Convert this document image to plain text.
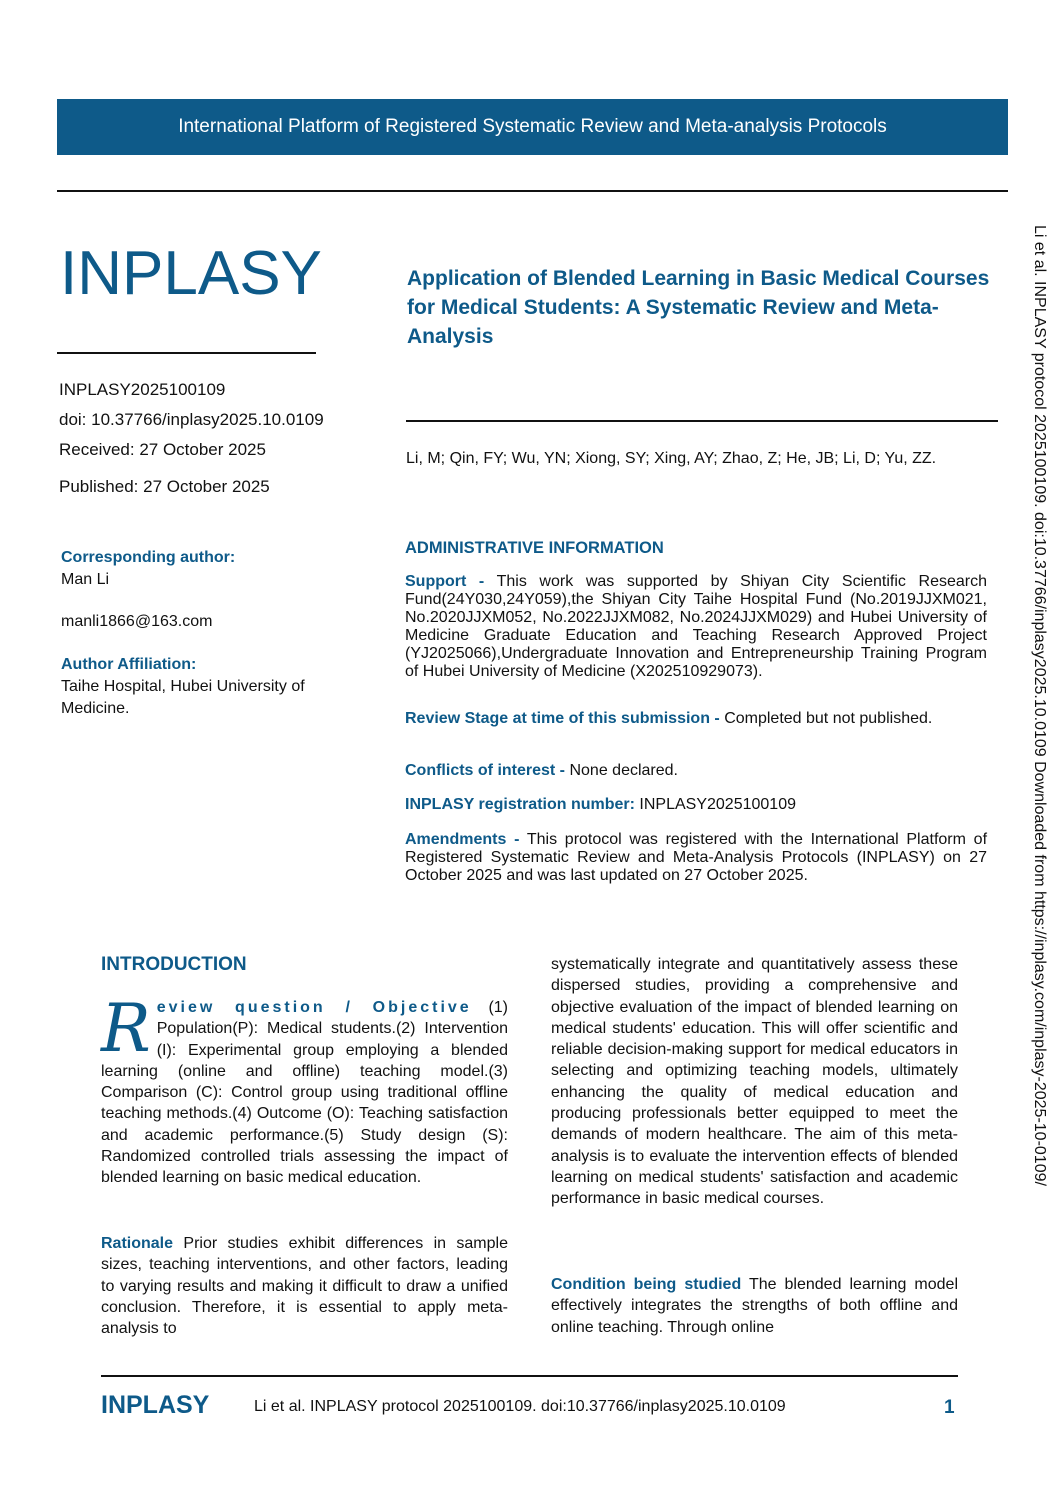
International Platform of Registered Systematic Review and Meta-analysis Protocols
INPLASY	Application of Blended Learning in Basic Medical Courses for Medical Students: A Systematic Review and Meta-Analysis
INPLASY2025100109
doi: 10.37766/inplasy2025.10.0109
Received: 27 October 2025
Published: 27 October 2025
Li, M; Qin, FY; Wu, YN; Xiong, SY; Xing, AY; Zhao, Z; He, JB; Li, D; Yu, ZZ.
Corresponding author:
Man Li
manli1866@163.com
Author Affiliation:
Taihe Hospital, Hubei University of Medicine.
ADMINISTRATIVE INFORMATION
Support - This work was supported by Shiyan City Scientific Research Fund(24Y030,24Y059),the Shiyan City Taihe Hospital Fund (No.2019JJXM021, No.2020JJXM052, No.2022JJXM082, No.2024JJXM029) and Hubei University of Medicine Graduate Education and Teaching Research Approved Project (YJ2025066),Undergraduate Innovation and Entrepreneurship Training Program of Hubei University of Medicine (X202510929073).
Review Stage at time of this submission - Completed but not published.
Conflicts of interest - None declared.
INPLASY registration number: INPLASY2025100109
Amendments - This protocol was registered with the International Platform of Registered Systematic Review and Meta-Analysis Protocols (INPLASY) on 27 October 2025 and was last updated on 27 October 2025.
INTRODUCTION
R eview question / Objective (1) Population(P): Medical students.(2) Intervention (I): Experimental group employing a blended learning (online and offline) teaching model.(3) Comparison (C): Control group using traditional offline teaching methods.(4) Outcome (O): Teaching satisfaction and academic performance.(5) Study design (S): Randomized controlled trials assessing the impact of blended learning on basic medical education.
Rationale Prior studies exhibit differences in sample sizes, teaching interventions, and other factors, leading to varying results and making it difficult to draw a unified conclusion. Therefore, it is essential to apply meta-analysis to
systematically integrate and quantitatively assess these dispersed studies, providing a comprehensive and objective evaluation of the impact of blended learning on medical students' education. This will offer scientific and reliable decision-making support for medical educators in selecting and optimizing teaching models, ultimately enhancing the quality of medical education and producing professionals better equipped to meet the demands of modern healthcare. The aim of this meta-analysis is to evaluate the intervention effects of blended learning on medical students' satisfaction and academic performance in basic medical courses.
Condition being studied The blended learning model effectively integrates the strengths of both offline and online teaching. Through online
Li et al. INPLASY protocol 2025100109. doi:10.37766/inplasy2025.10.0109 Downloaded from https://inplasy.com/inplasy-2025-10-0109/
INPLASY	Li et al. INPLASY protocol 2025100109. doi:10.37766/inplasy2025.10.0109	1
